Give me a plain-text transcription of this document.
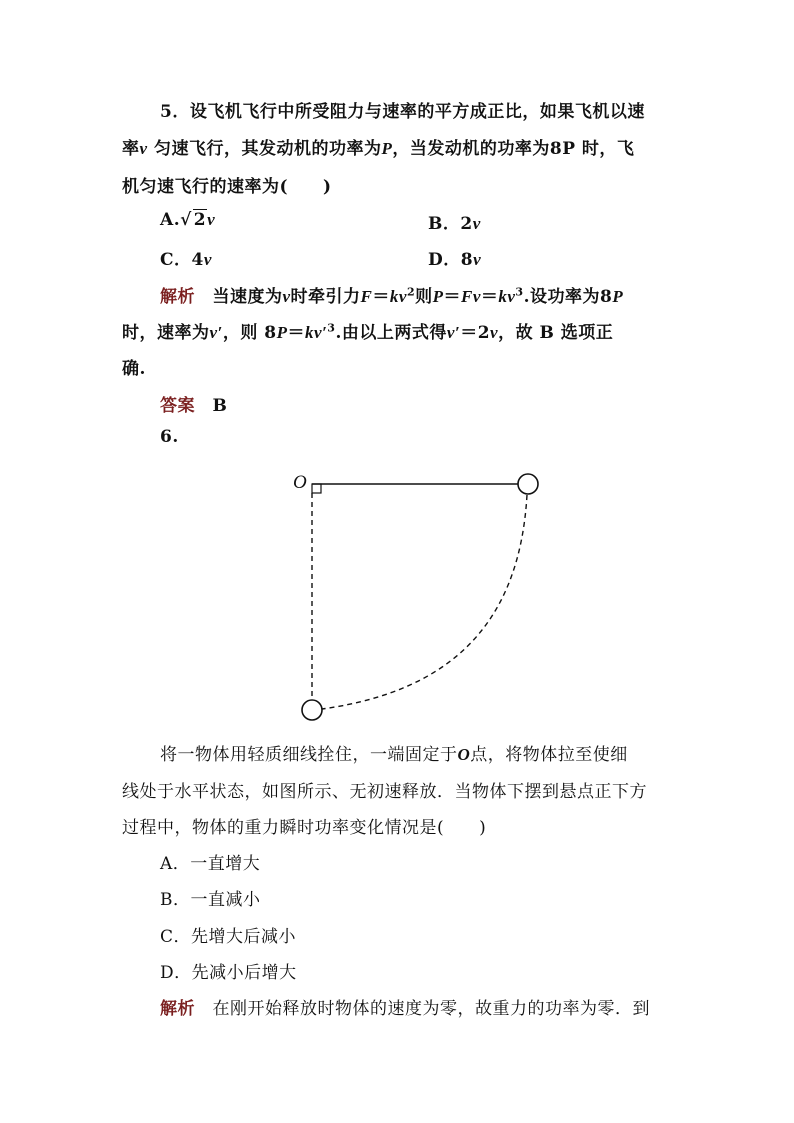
5．设飞机飞行中所受阻力与速率的平方成正比，如果飞机以速
率v 匀速飞行，其发动机的功率为P，当发动机的功率为8P 时，飞
机匀速飞行的速率为(　　)
A.√ 2v	B．2v
C．4v	D．8v
解析　当速度为v时牵引力$F=kv^2$则$P=Fv=kv^3$.设功率为8P
时，速率为v′，则 $8P=kv'^3$.由以上两式得v′＝2v，故 B 选项正
确.
答案　 B
6.
O
将一物体用轻质细线拴住，一端固定于O点，将物体拉至使细
线处于水平状态，如图所示、无初速释放．当物体下摆到悬点正下方
过程中，物体的重力瞬时功率变化情况是(　　)
A．一直增大
B．一直减小
C．先增大后减小
D．先减小后增大
解析　在刚开始释放时物体的速度为零，故重力的功率为零．到
